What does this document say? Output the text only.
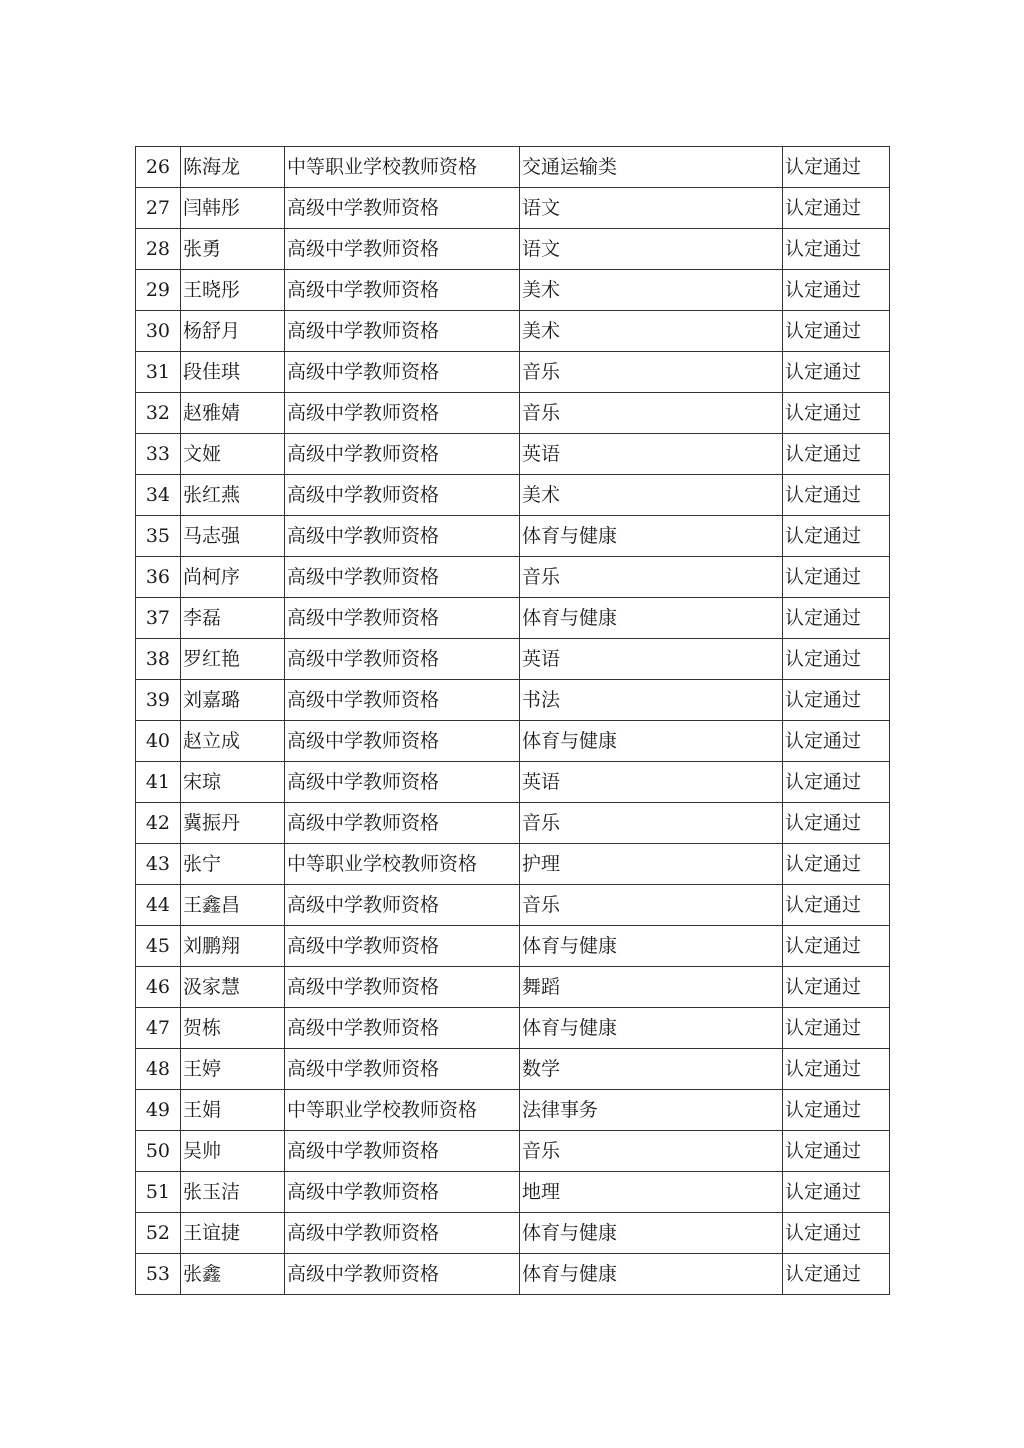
26	陈海龙	中等职业学校教师资格	交通运输类	认定通过
27	闫韩彤	高级中学教师资格	语文	认定通过
28	张勇	高级中学教师资格	语文	认定通过
29	王晓彤	高级中学教师资格	美术	认定通过
30	杨舒月	高级中学教师资格	美术	认定通过
31	段佳琪	高级中学教师资格	音乐	认定通过
32	赵雅婧	高级中学教师资格	音乐	认定通过
33	文娅	高级中学教师资格	英语	认定通过
34	张红燕	高级中学教师资格	美术	认定通过
35	马志强	高级中学教师资格	体育与健康	认定通过
36	尚柯序	高级中学教师资格	音乐	认定通过
37	李磊	高级中学教师资格	体育与健康	认定通过
38	罗红艳	高级中学教师资格	英语	认定通过
39	刘嘉璐	高级中学教师资格	书法	认定通过
40	赵立成	高级中学教师资格	体育与健康	认定通过
41	宋琼	高级中学教师资格	英语	认定通过
42	冀振丹	高级中学教师资格	音乐	认定通过
43	张宁	中等职业学校教师资格	护理	认定通过
44	王鑫昌	高级中学教师资格	音乐	认定通过
45	刘鹏翔	高级中学教师资格	体育与健康	认定通过
46	汲家慧	高级中学教师资格	舞蹈	认定通过
47	贺栋	高级中学教师资格	体育与健康	认定通过
48	王婷	高级中学教师资格	数学	认定通过
49	王娟	中等职业学校教师资格	法律事务	认定通过
50	吴帅	高级中学教师资格	音乐	认定通过
51	张玉洁	高级中学教师资格	地理	认定通过
52	王谊捷	高级中学教师资格	体育与健康	认定通过
53	张鑫	高级中学教师资格	体育与健康	认定通过
